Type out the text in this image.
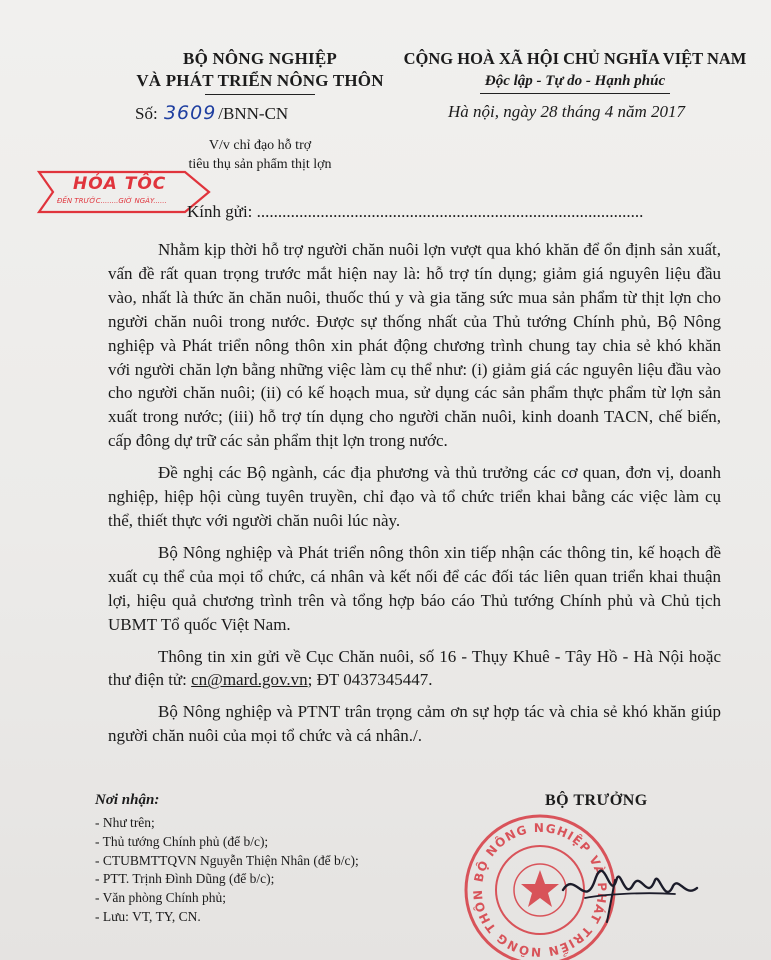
BỘ NÔNG NGHIỆP
VÀ PHÁT TRIỂN NÔNG THÔN
CỘNG HOÀ XÃ HỘI CHỦ NGHĨA VIỆT NAM
Độc lập - Tự do - Hạnh phúc
Số: 3609 /BNN-CN	Hà nội, ngày 28 tháng 4 năm 2017
V/v chỉ đạo hỗ trợ
tiêu thụ sản phẩm thịt lợn
HỎA TỐC
ĐẾN TRƯỚC........GIỜ NGÀY......
Kính gửi: ...........................................................................................

Nhằm kịp thời hỗ trợ người chăn nuôi lợn vượt qua khó khăn để ổn định sản xuất, vấn đề rất quan trọng trước mắt hiện nay là: hỗ trợ tín dụng; giảm giá nguyên liệu đầu vào, nhất là thức ăn chăn nuôi, thuốc thú y và gia tăng sức mua sản phẩm từ thịt lợn cho người chăn nuôi trong nước. Được sự thống nhất của Thủ tướng Chính phủ, Bộ Nông nghiệp và Phát triển nông thôn xin phát động chương trình chung tay chia sẻ khó khăn với người chăn lợn bằng những việc làm cụ thể như: (i) giảm giá các nguyên liệu đầu vào cho người chăn nuôi; (ii) có kế hoạch mua, sử dụng các sản phẩm thực phẩm từ lợn sản xuất trong nước; (iii) hỗ trợ tín dụng cho người chăn nuôi, kinh doanh TACN, chế biến, cấp đông dự trữ các sản phẩm thịt lợn trong nước.

Đề nghị các Bộ ngành, các địa phương và thủ trưởng các cơ quan, đơn vị, doanh nghiệp, hiệp hội cùng tuyên truyền, chỉ đạo và tổ chức triển khai bằng các việc làm cụ thể, thiết thực với người chăn nuôi lúc này.

Bộ Nông nghiệp và Phát triển nông thôn xin tiếp nhận các thông tin, kế hoạch đề xuất cụ thể của mọi tổ chức, cá nhân và kết nối để các đối tác liên quan triển khai thuận lợi, hiệu quả chương trình trên và tổng hợp báo cáo Thủ tướng Chính phủ và Chủ tịch UBMT Tổ quốc Việt Nam.

Thông tin xin gửi về Cục Chăn nuôi, số 16 - Thụy Khuê - Tây Hồ - Hà Nội hoặc thư điện tử: cn@mard.gov.vn; ĐT 0437345447.

Bộ Nông nghiệp và PTNT trân trọng cảm ơn sự hợp tác và chia sẻ khó khăn giúp người chăn nuôi của mọi tổ chức và cá nhân./.

Nơi nhận:
- Như trên;
- Thủ tướng Chính phủ (để b/c);
- CTUBMTTQVN Nguyễn Thiện Nhân (để b/c);
- PTT. Trịnh Đình Dũng (để b/c);
- Văn phòng Chính phủ;
- Lưu: VT, TY, CN.
BỘ TRƯỞNG
BỘ NÔNG NGHIỆP VÀ PHÁT TRIỂN NÔNG THÔN
